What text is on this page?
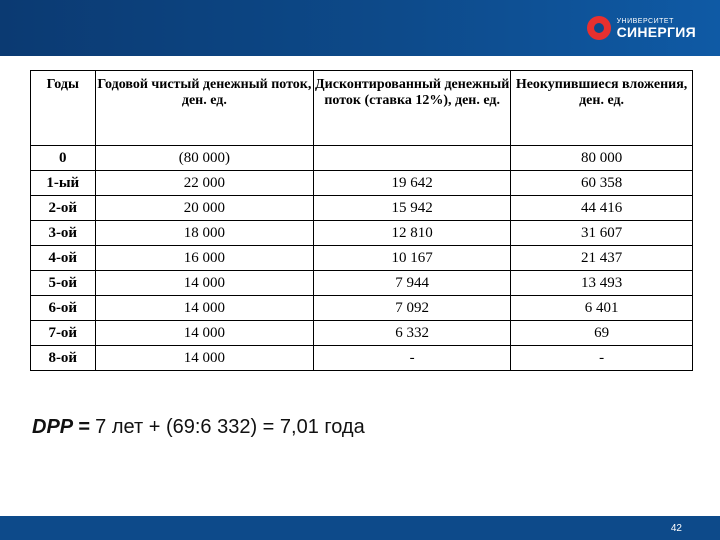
УНИВЕРСИТЕТ
СИНЕРГИЯ
Годы	Годовой чистый денежный поток, ден. ед.	Дисконтированный денежный поток (ставка 12%), ден. ед.	Неокупившиеся вложения, ден. ед.
0	(80 000)		80 000
1-ый	22 000	19 642	60 358
2-ой	20 000	15 942	44 416
3-ой	18 000	12 810	31 607
4-ой	16 000	10 167	21 437
5-ой	14 000	7 944	13 493
6-ой	14 000	7 092	6 401
7-ой	14 000	6 332	69
8-ой	14 000	-	-
DPP = 7 лет + (69:6 332) = 7,01 года
42
